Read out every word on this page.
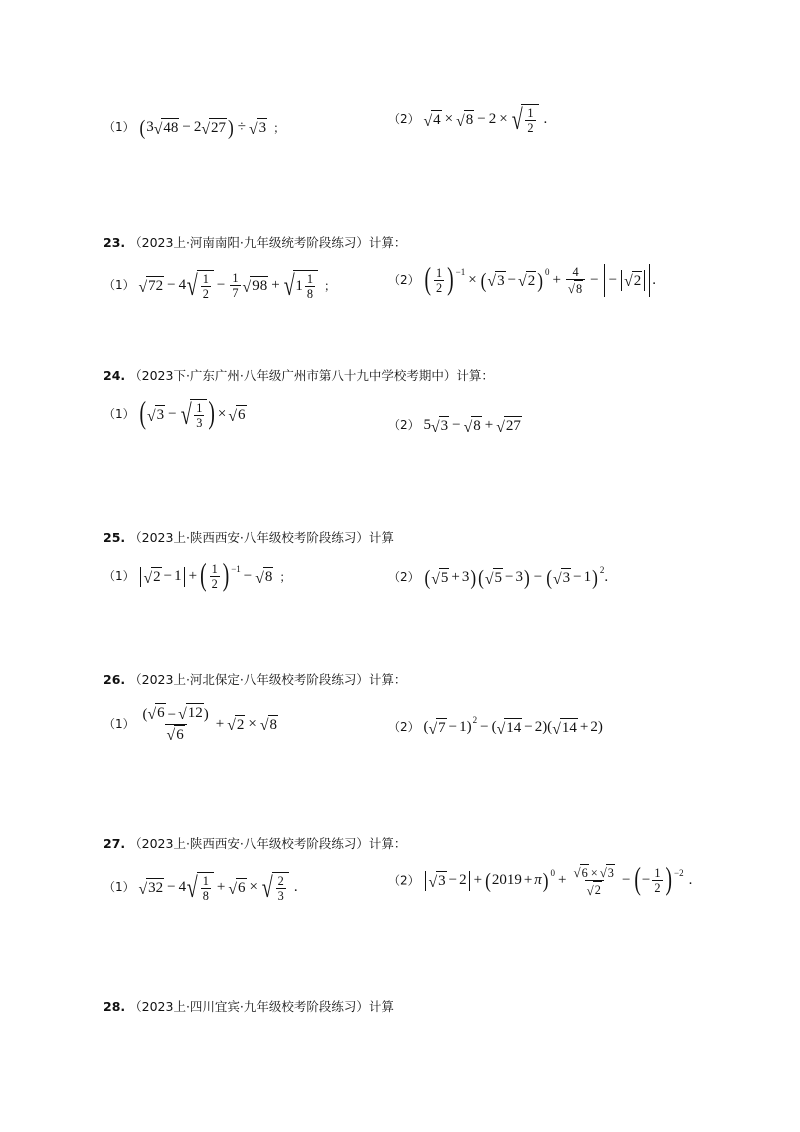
（1） ( 3 √ 48 − 2 √ 27 ) ÷ √ 3 ；
（2） √ 4 × √ 8 − 2 × √ $\frac{1}{2}$ .
23. （2023上·河南南阳·九年级统考阶段练习）计算：
（1） √ 72 − 4 √ $\frac{1}{2} - \frac{1}{7}$ √ 98 + √ $1 \frac{1}{8}$ ；	（2） ( $\frac{1}{2} )^{-1}$ × ( √ 3 − √ 2 )$^0 + \frac{4}{√ 8}$ − − √ 2 .
24. （2023下·广东广州·八年级广州市第八十九中学校考期中）计算：
（1） ( √ 3 − √ $\frac{1}{3}$ ) × √ 6
（2） 5 √ 3 − √ 8 + √ 27
25. （2023上·陕西西安·八年级校考阶段练习）计算
（1） √ 2 − 1 + ( $\frac{1}{2} )^{-1}$ − √ 8 ；	（2） ( √ 5 + 3 ) ( √ 5 − 3 ) − ( √ 3 − 1 )$^2$ .
26. （2023上·河北保定·八年级校考阶段练习）计算：
$(1) \frac{( √ 6 - √ 12 )}{√ 6}$ + √ 2 × √ 8	（2） ( √ 7 − 1)$^2$ − ( √ 14 − 2)( √ 14 + 2)
27. （2023上·陕西西安·八年级校考阶段练习）计算：
（1） √ 32 − 4 √ $\frac{1}{8}$ + √ 6 × √ $\frac{2}{3}$ .	（2） √ 3 − 2 + ( 2019 + π )$^0 + \frac{√ 6 \times √ 3}{√ 2}$ − ( − $\frac{1}{2} )^{-2}$ .
28. （2023上·四川宜宾·九年级校考阶段练习）计算
